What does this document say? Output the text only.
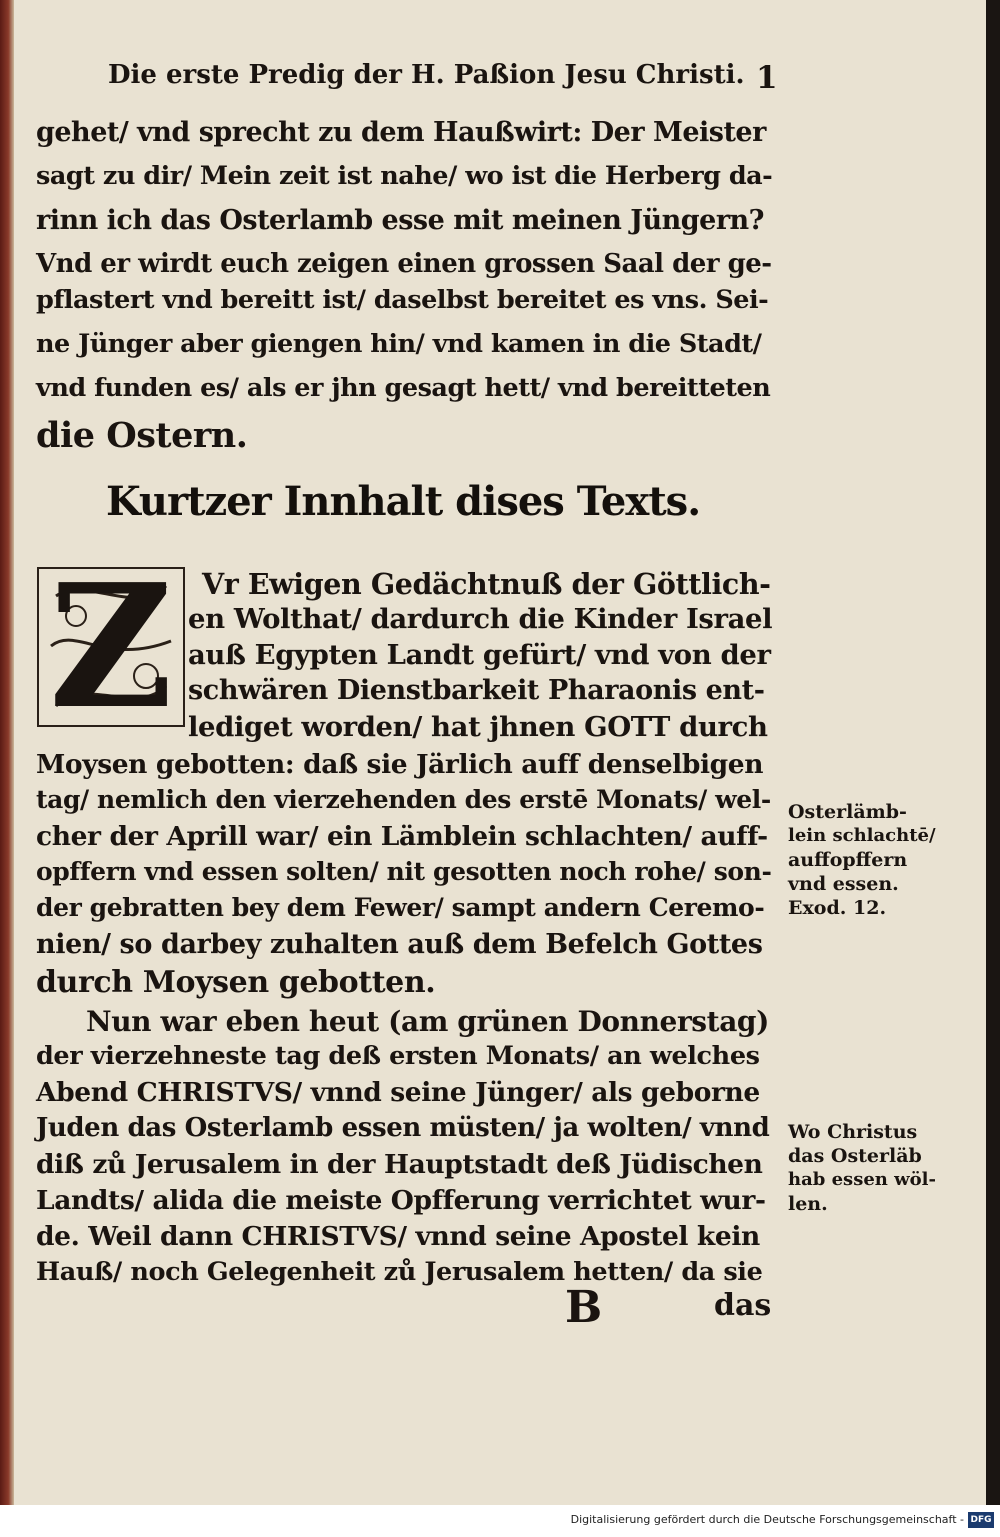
Die erste Predig der H. Paßion Jesu Christi. 1
gehet/ vnd sprecht zu dem Haußwirt: Der Meister
sagt zu dir/ Mein zeit ist nahe/ wo ist die Herberg da-
rinn ich das Osterlamb esse mit meinen Jüngern?
Vnd er wirdt euch zeigen einen grossen Saal der ge-
pflastert vnd bereitt ist/ daselbst bereitet es vns. Sei-
ne Jünger aber giengen hin/ vnd kamen in die Stadt/
vnd funden es/ als er jhn gesagt hett/ vnd bereitteten
die Ostern.
Kurtzer Innhalt dises Texts.
Z Vr Ewigen Gedächtnuß der Göttlich-
en Wolthat/ dardurch die Kinder Israel
auß Egypten Landt gefürt/ vnd von der
schwären Dienstbarkeit Pharaonis ent-
lediget worden/ hat jhnen GOTT durch
Moysen gebotten: daß sie Järlich auff denselbigen
tag/ nemlich den vierzehenden des erstē Monats/ wel-
cher der Aprill war/ ein Lämblein schlachten/ auff-
opffern vnd essen solten/ nit gesotten noch rohe/ son-
der gebratten bey dem Fewer/ sampt andern Ceremo-
nien/ so darbey zuhalten auß dem Befelch Gottes
durch Moysen gebotten.
Nun war eben heut (am grünen Donnerstag)
der vierzehneste tag deß ersten Monats/ an welches
Abend CHRISTVS/ vnnd seine Jünger/ als geborne
Juden das Osterlamb essen müsten/ ja wolten/ vnnd
diß zů Jerusalem in der Hauptstadt deß Jüdischen
Landts/ alida die meiste Opfferung verrichtet wur-
de. Weil dann CHRISTVS/ vnnd seine Apostel kein
Hauß/ noch Gelegenheit zů Jerusalem hetten/ da sie
Osterlämb-
lein schlachtē/
auffopffern
vnd essen.
Exod. 12.
Wo Christus
das Osterläb
hab essen wöl-
len.
B	das
Digitalisierung gefördert durch die Deutsche Forschungsgemeinschaft - DFG
